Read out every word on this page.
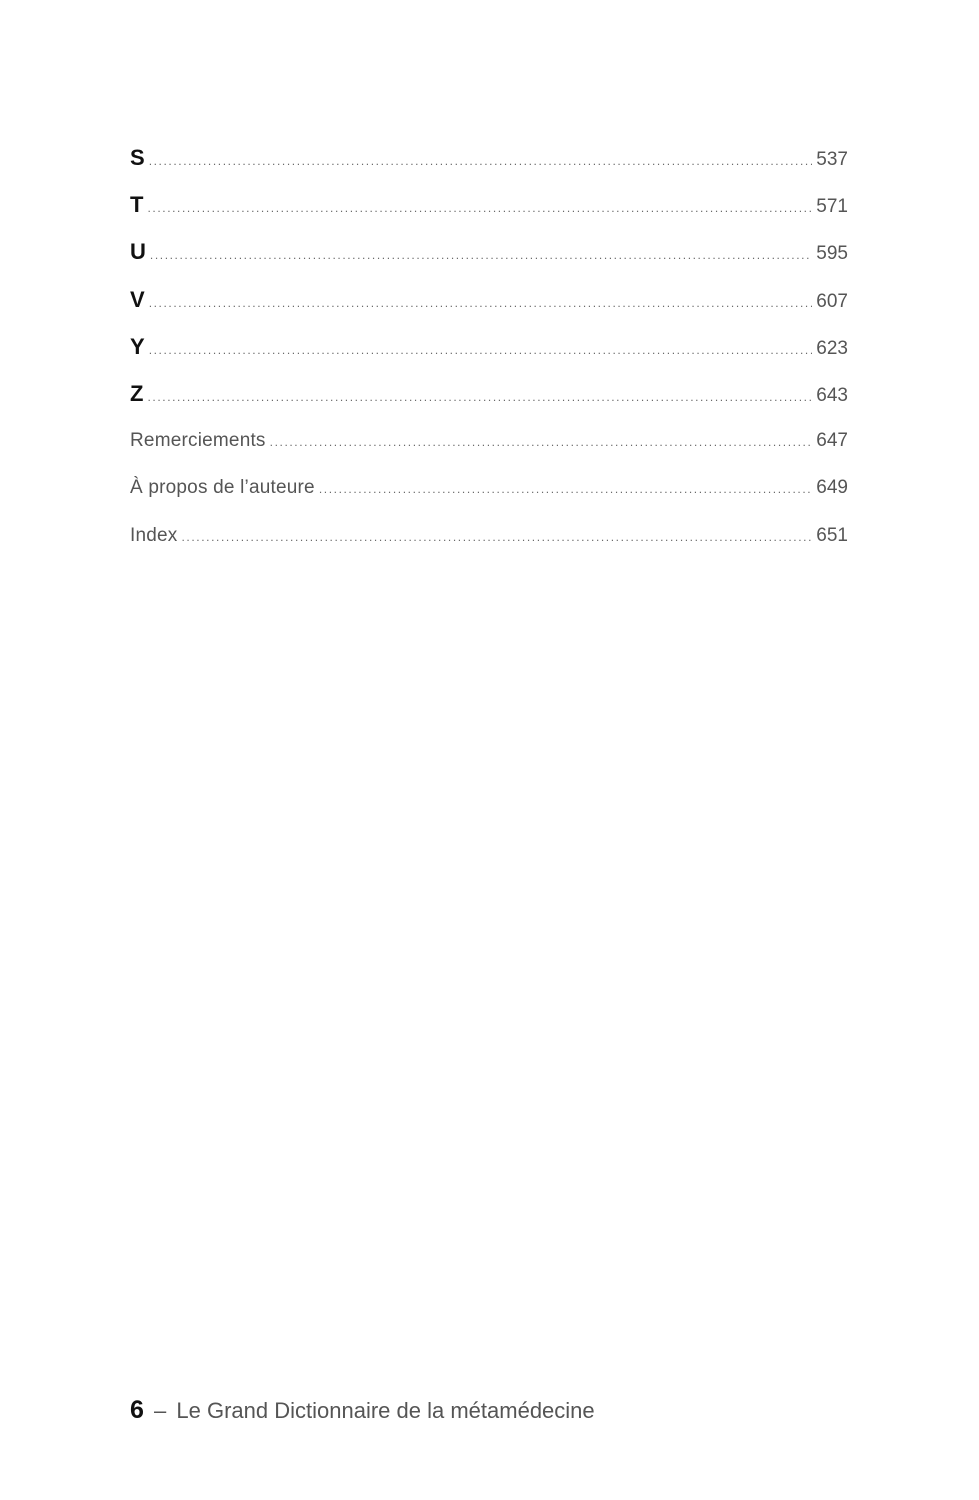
S .....	537
T .....	571
U .....	595
V .....	607
Y .....	623
Z .....	643
Remerciements .....	647
À propos de l’auteure .....	649
Index .....	651
6 – Le Grand Dictionnaire de la métamédecine
